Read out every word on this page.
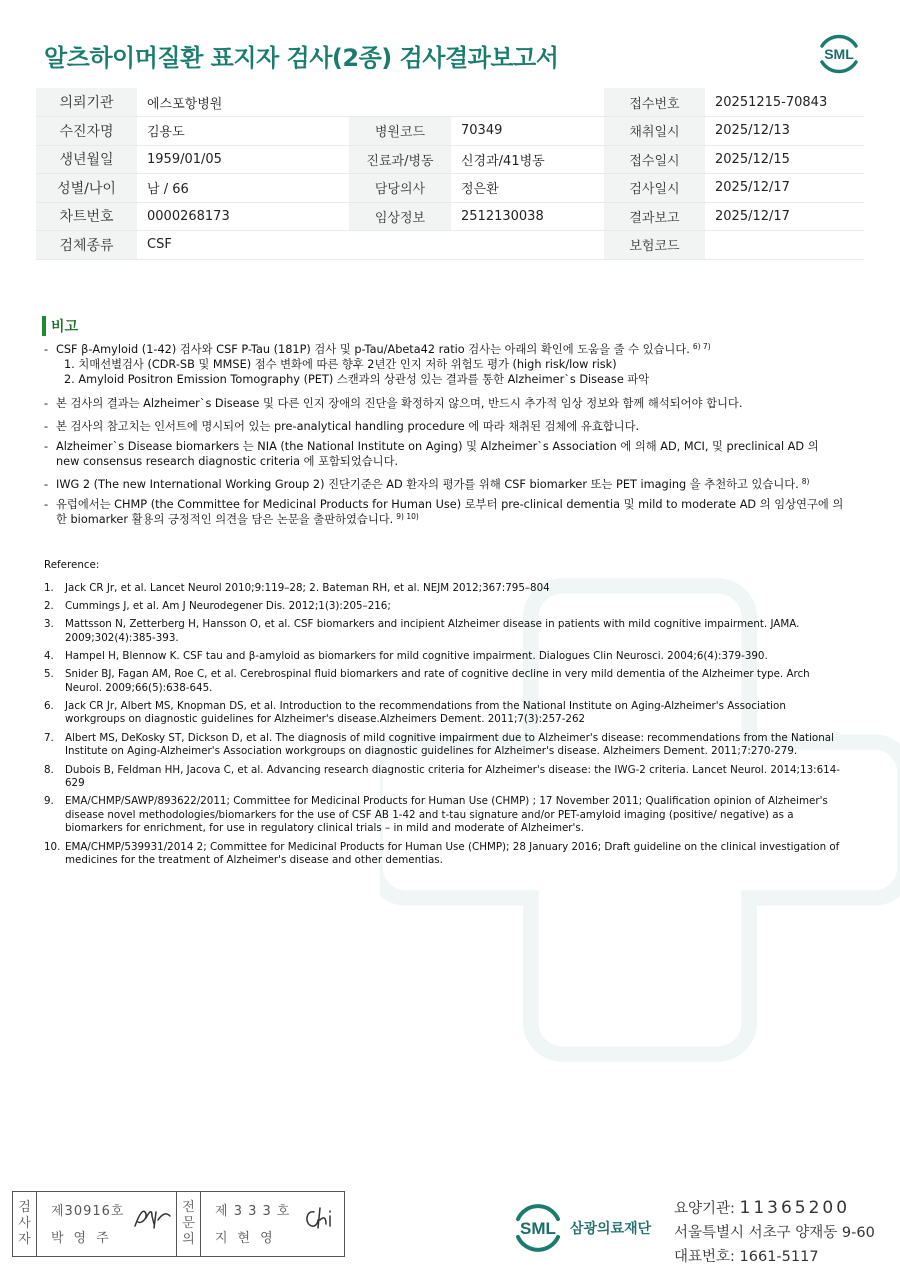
알츠하이머질환 표지자 검사(2종) 검사결과보고서	SML
의뢰기관	에스포항병원			접수번호	20251215-70843
수진자명	김용도	병원코드	70349	채취일시	2025/12/13
생년월일	1959/01/05	진료과/병동	신경과/41병동	접수일시	2025/12/15
성별/나이	남 / 66	담당의사	정은환	검사일시	2025/12/17
차트번호	0000268173	임상정보	2512130038	결과보고	2025/12/17
검체종류	CSF			보험코드	
비고
- CSF β-Amyloid (1-42) 검사와 CSF P-Tau (181P) 검사 및 p-Tau/Abeta42 ratio 검사는 아래의 확인에 도움을 줄 수 있습니다. $^{6) 7)}$
1. 치매선별검사 (CDR-SB 및 MMSE) 점수 변화에 따른 향후 2년간 인지 저하 위험도 평가 (high risk/low risk)
2. Amyloid Positron Emission Tomography (PET) 스캔과의 상관성 있는 결과를 통한 Alzheimer`s Disease 파악
- 본 검사의 결과는 Alzheimer`s Disease 및 다른 인지 장애의 진단을 확정하지 않으며, 반드시 추가적 임상 정보와 함께 해석되어야 합니다.
- 본 검사의 참고치는 인서트에 명시되어 있는 pre-analytical handling procedure 에 따라 채취된 검체에 유효합니다.
- Alzheimer`s Disease biomarkers 는 NIA (the National Institute on Aging) 및 Alzheimer`s Association 에 의해 AD, MCI, 및 preclinical AD 의 new consensus research diagnostic criteria 에 포함되었습니다.
- IWG 2 (The new International Working Group 2) 진단기준은 AD 환자의 평가를 위해 CSF biomarker 또는 PET imaging 을 추천하고 있습니다. $^{8)}$
- 유럽에서는 CHMP (the Committee for Medicinal Products for Human Use) 로부터 pre-clinical dementia 및 mild to moderate AD 의 임상연구에 의한 biomarker 활용의 긍정적인 의견을 담은 논문을 출판하였습니다. $^{9) 10)}$
Reference:
1.	Jack CR Jr, et al. Lancet Neurol 2010;9:119–28; 2. Bateman RH, et al. NEJM 2012;367:795–804
2.	Cummings J, et al. Am J Neurodegener Dis. 2012;1(3):205–216;
3.	Mattsson N, Zetterberg H, Hansson O, et al. CSF biomarkers and incipient Alzheimer disease in patients with mild cognitive impairment. JAMA. 2009;302(4):385-393.
4.	Hampel H, Blennow K. CSF tau and β-amyloid as biomarkers for mild cognitive impairment. Dialogues Clin Neurosci. 2004;6(4):379-390.
5.	Snider BJ, Fagan AM, Roe C, et al. Cerebrospinal fluid biomarkers and rate of cognitive decline in very mild dementia of the Alzheimer type. Arch Neurol. 2009;66(5):638-645.
6.	Jack CR Jr, Albert MS, Knopman DS, et al. Introduction to the recommendations from the National Institute on Aging-Alzheimer's Association workgroups on diagnostic guidelines for Alzheimer's disease.Alzheimers Dement. 2011;7(3):257-262
7.	Albert MS, DeKosky ST, Dickson D, et al. The diagnosis of mild cognitive impairment due to Alzheimer's disease: recommendations from the National Institute on Aging-Alzheimer's Association workgroups on diagnostic guidelines for Alzheimer's disease. Alzheimers Dement. 2011;7:270-279.
8.	Dubois B, Feldman HH, Jacova C, et al. Advancing research diagnostic criteria for Alzheimer's disease: the IWG-2 criteria. Lancet Neurol. 2014;13:614-629
9.	EMA/CHMP/SAWP/893622/2011; Committee for Medicinal Products for Human Use (CHMP) ; 17 November 2011; Qualification opinion of Alzheimer's disease novel methodologies/biomarkers for the use of CSF AB 1-42 and t-tau signature and/or PET-amyloid imaging (positive/ negative) as a biomarkers for enrichment, for use in regulatory clinical trials – in mild and moderate of Alzheimer's.
10. EMA/CHMP/539931/2014 2; Committee for Medicinal Products for Human Use (CHMP); 28 January 2016; Draft guideline on the clinical investigation of medicines for the treatment of Alzheimer's disease and other dementias.
검
사
자
제30916호
박영주
전
문
의
제 3 3 3 호
지현영
SML 삼광의료재단
요양기관: 11365200
서울특별시 서초구 양재동 9-60
대표번호: 1661-5117
